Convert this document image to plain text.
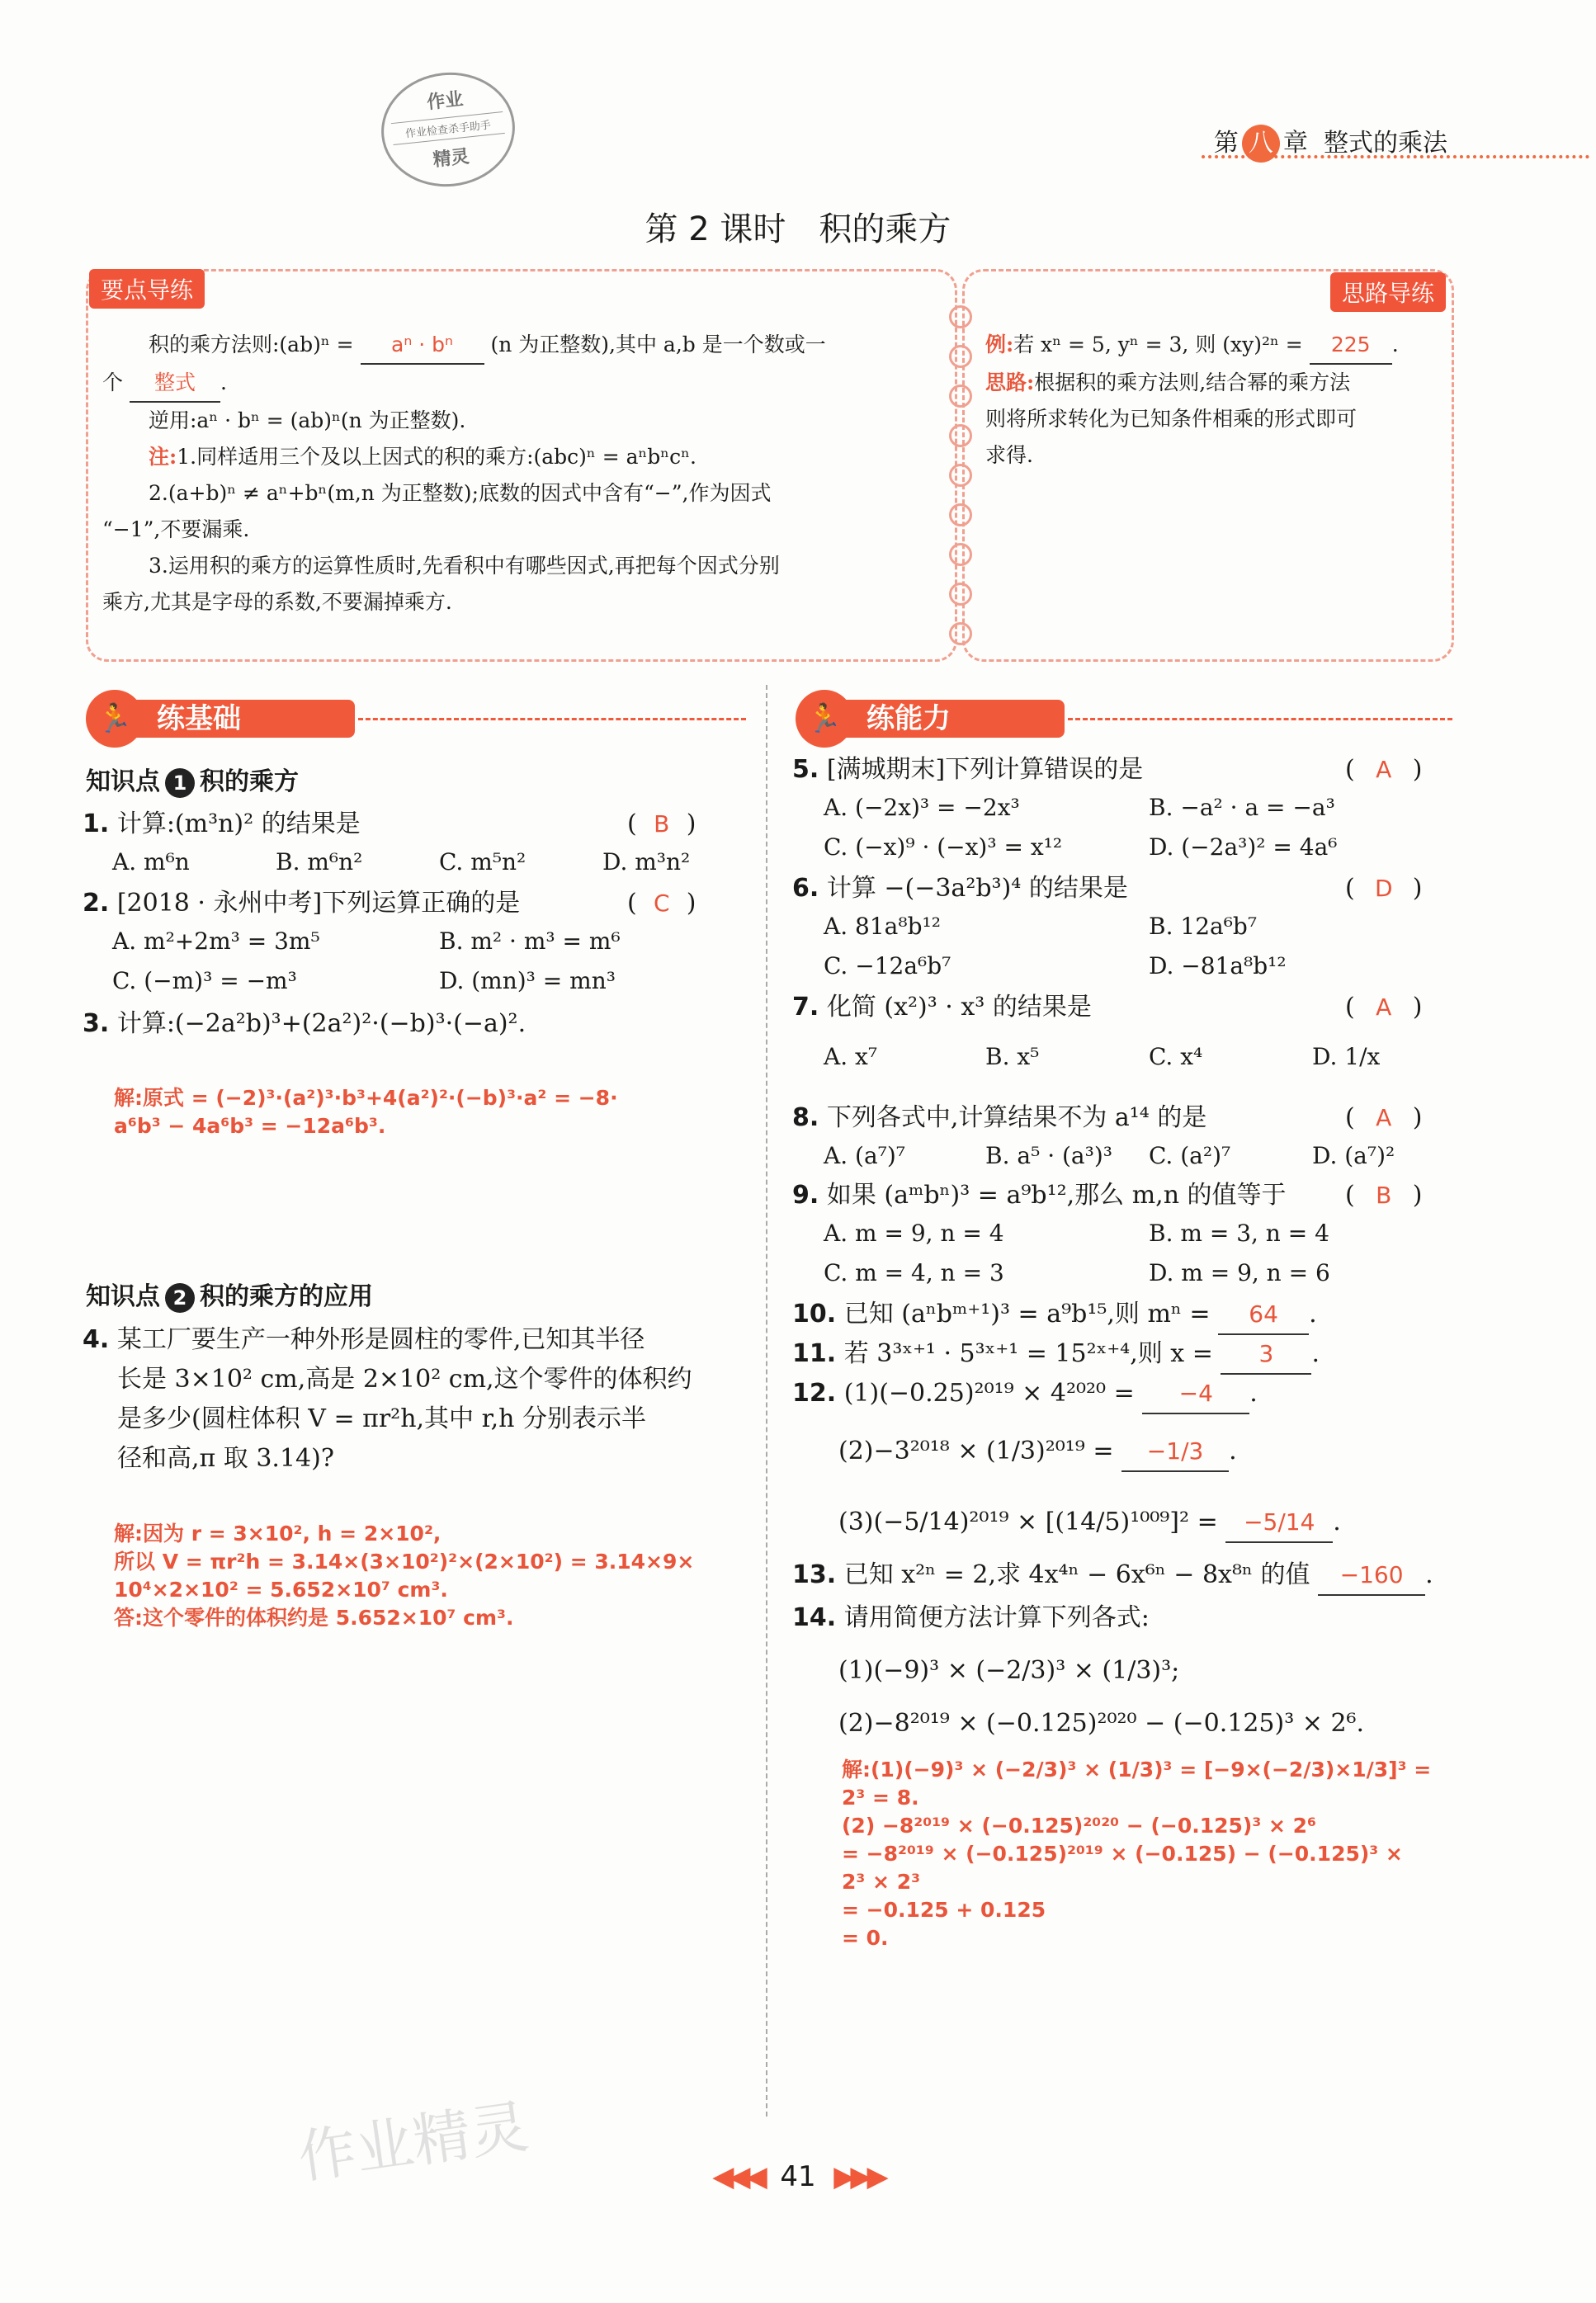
作业
作业检查杀手助手
精灵
第 八 章 整式的乘法
第 2 课时　积的乘方
要点导练
积的乘方法则:(ab)ⁿ = aⁿ · bⁿ (n 为正整数),其中 a,b 是一个数或一
个 整式 .
逆用:aⁿ · bⁿ = (ab)ⁿ(n 为正整数).
注:1.同样适用三个及以上因式的积的乘方:(abc)ⁿ = aⁿbⁿcⁿ.
2.(a+b)ⁿ ≠ aⁿ+bⁿ(m,n 为正整数);底数的因式中含有“−”,作为因式
“−1”,不要漏乘.
3.运用积的乘方的运算性质时,先看积中有哪些因式,再把每个因式分别
乘方,尤其是字母的系数,不要漏掉乘方.
思路导练
例:若 xⁿ = 5, yⁿ = 3, 则 (xy)²ⁿ = 225 .
思路:根据积的乘方法则,结合幂的乘方法
则将所求转化为已知条件相乘的形式即可
求得.
练基础
🏃	练能力
🏃
知识点 1 积的乘方
1. 计算:(m³n)² 的结果是	( B )
A. m⁶n	B. m⁶n²	C. m⁵n²	D. m³n²
2. [2018 · 永州中考]下列运算正确的是	( C )
A. m²+2m³ = 3m⁵	B. m² · m³ = m⁶
C. (−m)³ = −m³	D. (mn)³ = mn³
3. 计算:(−2a²b)³+(2a²)²·(−b)³·(−a)².
解:原式 = (−2)³·(a²)³·b³+4(a²)²·(−b)³·a² = −8·
a⁶b³ − 4a⁶b³ = −12a⁶b³.
知识点 2 积的乘方的应用
4. 某工厂要生产一种外形是圆柱的零件,已知其半径
长是 3×10² cm,高是 2×10² cm,这个零件的体积约
是多少(圆柱体积 V = πr²h,其中 r,h 分别表示半
径和高,π 取 3.14)?
解:因为 r = 3×10², h = 2×10²,
所以 V = πr²h = 3.14×(3×10²)²×(2×10²) = 3.14×9×
10⁴×2×10² = 5.652×10⁷ cm³.
答:这个零件的体积约是 5.652×10⁷ cm³.
5. [满城期末]下列计算错误的是	( A )
A. (−2x)³ = −2x³	B. −a² · a = −a³
C. (−x)⁹ · (−x)³ = x¹²	D. (−2a³)² = 4a⁶
6. 计算 −(−3a²b³)⁴ 的结果是	( D )
A. 81a⁸b¹²	B. 12a⁶b⁷
C. −12a⁶b⁷	D. −81a⁸b¹²
7. 化简 (x²)³ · x³ 的结果是	( A )
A. x⁷	B. x⁵	C. x⁴	D. 1/x
8. 下列各式中,计算结果不为 a¹⁴ 的是	( A )
A. (a⁷)⁷	B. a⁵ · (a³)³ C. (a²)⁷	D. (a⁷)²
9. 如果 (aᵐbⁿ)³ = a⁹b¹²,那么 m,n 的值等于 ( B )
A. m = 9, n = 4	B. m = 3, n = 4
C. m = 4, n = 3	D. m = 9, n = 6
10. 已知 (aⁿbᵐ⁺¹)³ = a⁹b¹⁵,则 mⁿ = 64 .
11. 若 3³ˣ⁺¹ · 5³ˣ⁺¹ = 15²ˣ⁺⁴,则 x = 3 .
12. (1)(−0.25)²⁰¹⁹ × 4²⁰²⁰ = −4 .
(2)−3²⁰¹⁸ × (1/3)²⁰¹⁹ = −1/3 .
(3)(−5/14)²⁰¹⁹ × [(14/5)¹⁰⁰⁹]² = −5/14 .
13. 已知 x²ⁿ = 2,求 4x⁴ⁿ − 6x⁶ⁿ − 8x⁸ⁿ 的值 −160 .
14. 请用简便方法计算下列各式:
(1)(−9)³ × (−2/3)³ × (1/3)³;
(2)−8²⁰¹⁹ × (−0.125)²⁰²⁰ − (−0.125)³ × 2⁶.
解:(1)(−9)³ × (−2/3)³ × (1/3)³ = [−9×(−2/3)×1/3]³ =
2³ = 8.
(2) −8²⁰¹⁹ × (−0.125)²⁰²⁰ − (−0.125)³ × 2⁶
= −8²⁰¹⁹ × (−0.125)²⁰¹⁹ × (−0.125) − (−0.125)³ ×
2³ × 2³
= −0.125 + 0.125
= 0.
作业精灵	◀◀◀ 41 ▶▶▶
